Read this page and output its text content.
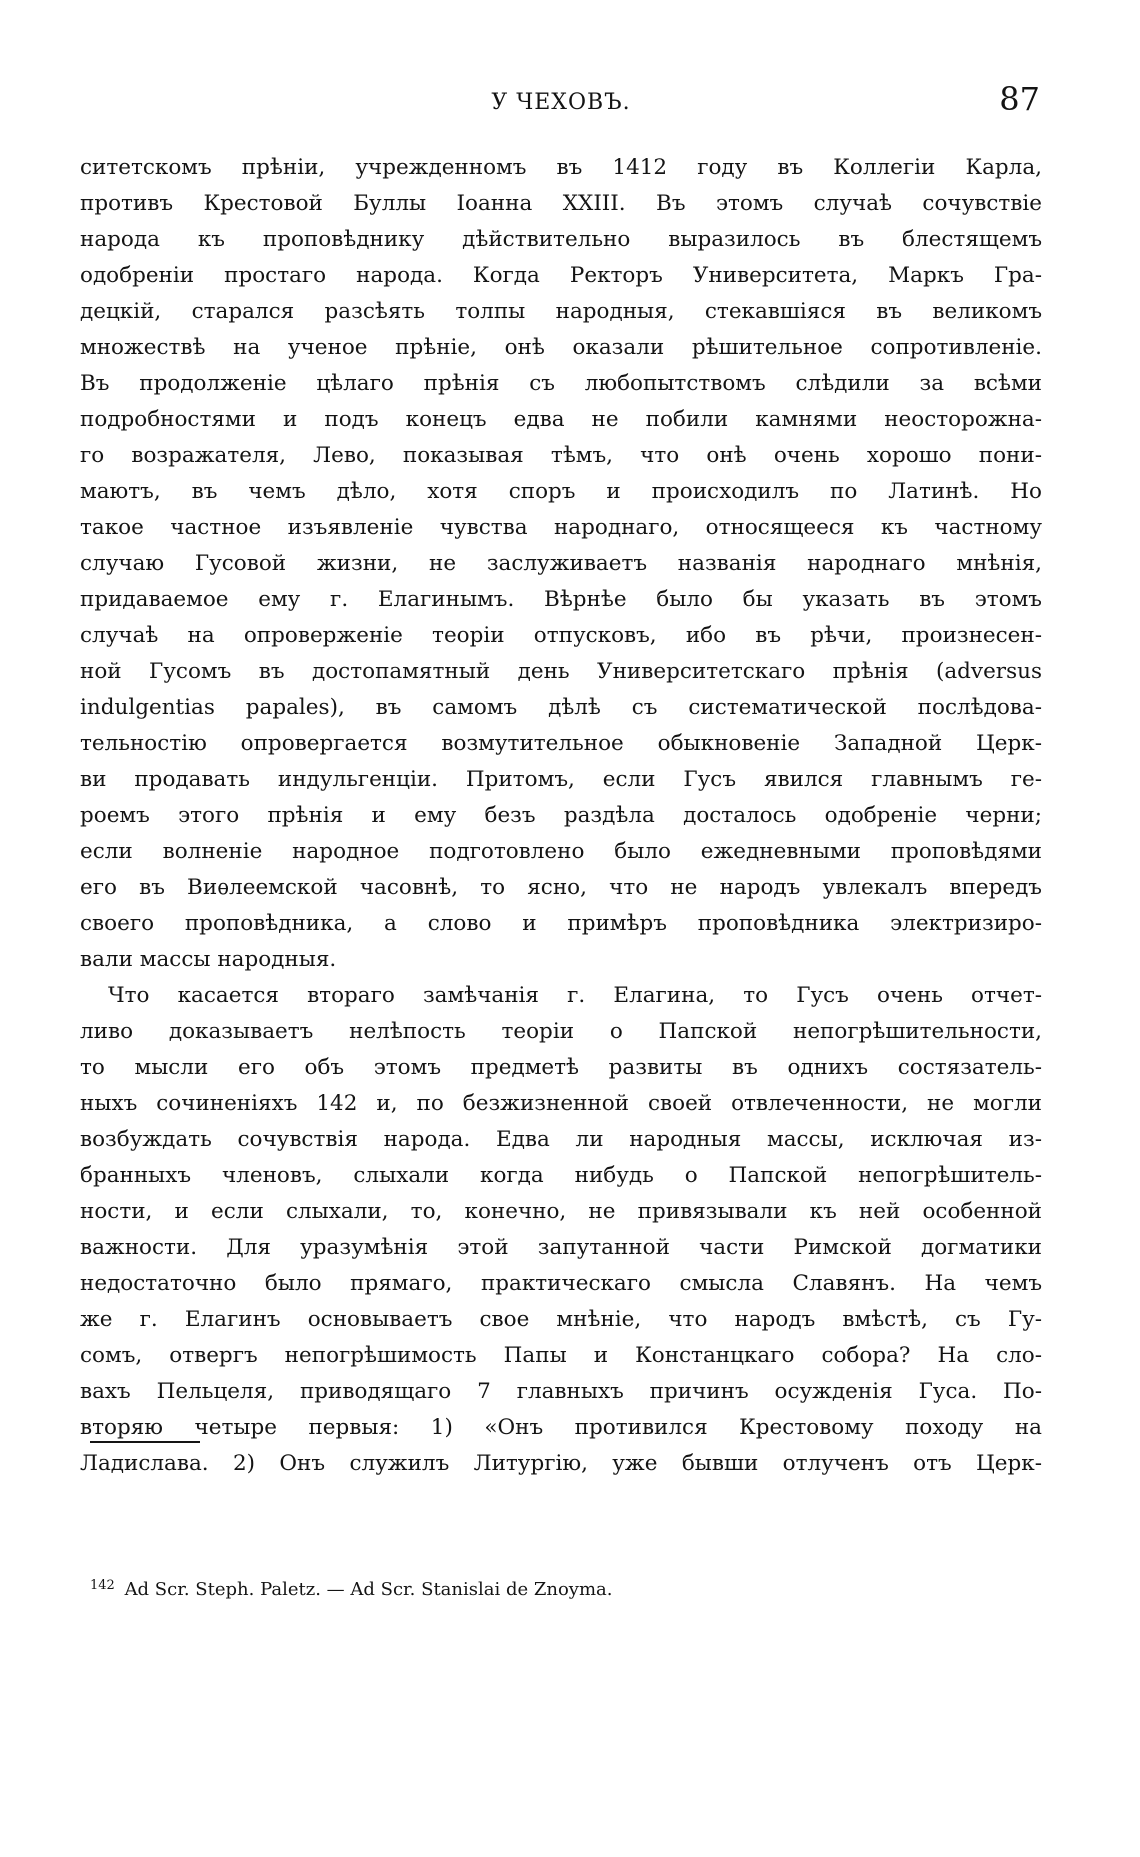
У ЧЕХОВЪ.	87
ситетскомъ прѣніи, учрежденномъ въ 1412 году въ Коллегіи Карла,
противъ Крестовой Буллы Іоанна XXIII. Въ этомъ случаѣ сочувствіе
народа къ проповѣднику дѣйствительно выразилось въ блестящемъ
одобреніи простаго народа. Когда Ректоръ Университета, Маркъ Гра-
децкій, старался разсѣять толпы народныя, стекавшіяся въ великомъ
множествѣ на ученое прѣніе, онѣ оказали рѣшительное сопротивленіе.
Въ продолженіе цѣлаго прѣнія съ любопытствомъ слѣдили за всѣми
подробностями и подъ конецъ едва не побили камнями неосторожна-
го возражателя, Лево, показывая тѣмъ, что онѣ очень хорошо пони-
маютъ, въ чемъ дѣло, хотя споръ и происходилъ по Латинѣ. Но
такое частное изъявленіе чувства народнаго, относящееся къ частному
случаю Гусовой жизни, не заслуживаетъ названія народнаго мнѣнія,
придаваемое ему г. Елагинымъ. Вѣрнѣе было бы указать въ этомъ
случаѣ на опроверженіе теоріи отпусковъ, ибо въ рѣчи, произнесен-
ной Гусомъ въ достопамятный день Университетскаго прѣнія (adversus
indulgentias papales), въ самомъ дѣлѣ съ систематической послѣдова-
тельностію опровергается возмутительное обыкновеніе Западной Церк-
ви продавать индульгенціи. Притомъ, если Гусъ явился главнымъ ге-
роемъ этого прѣнія и ему безъ раздѣла досталось одобреніе черни;
если волненіе народное подготовлено было ежедневными проповѣдями
его въ Виѳлеемской часовнѣ, то ясно, что не народъ увлекалъ впередъ
своего проповѣдника, а слово и примѣръ проповѣдника электризиро-
вали массы народныя.
Что касается втораго замѣчанія г. Елагина, то Гусъ очень отчет-
ливо доказываетъ нелѣпость теоріи о Папской непогрѣшительности,
то мысли его объ этомъ предметѣ развиты въ однихъ состязатель-
ныхъ сочиненіяхъ 142 и, по безжизненной своей отвлеченности, не могли
возбуждать сочувствія народа. Едва ли народныя массы, исключая из-
бранныхъ членовъ, слыхали когда нибудь о Папской непогрѣшитель-
ности, и если слыхали, то, конечно, не привязывали къ ней особенной
важности. Для уразумѣнія этой запутанной части Римской догматики
недостаточно было прямаго, практическаго смысла Славянъ. На чемъ
же г. Елагинъ основываетъ свое мнѣніе, что народъ вмѣстѣ, съ Гу-
сомъ, отвергъ непогрѣшимость Папы и Констанцкаго собора? На сло-
вахъ Пельцеля, приводящаго 7 главныхъ причинъ осужденія Гуса. По-
вторяю четыре первыя: 1) «Онъ противился Крестовому походу на
Ладислава. 2) Онъ служилъ Литургію, уже бывши отлученъ отъ Церк-
$^{142}$ Ad Scr. Steph. Paletz. — Ad Scr. Stanislai de Znoyma.
